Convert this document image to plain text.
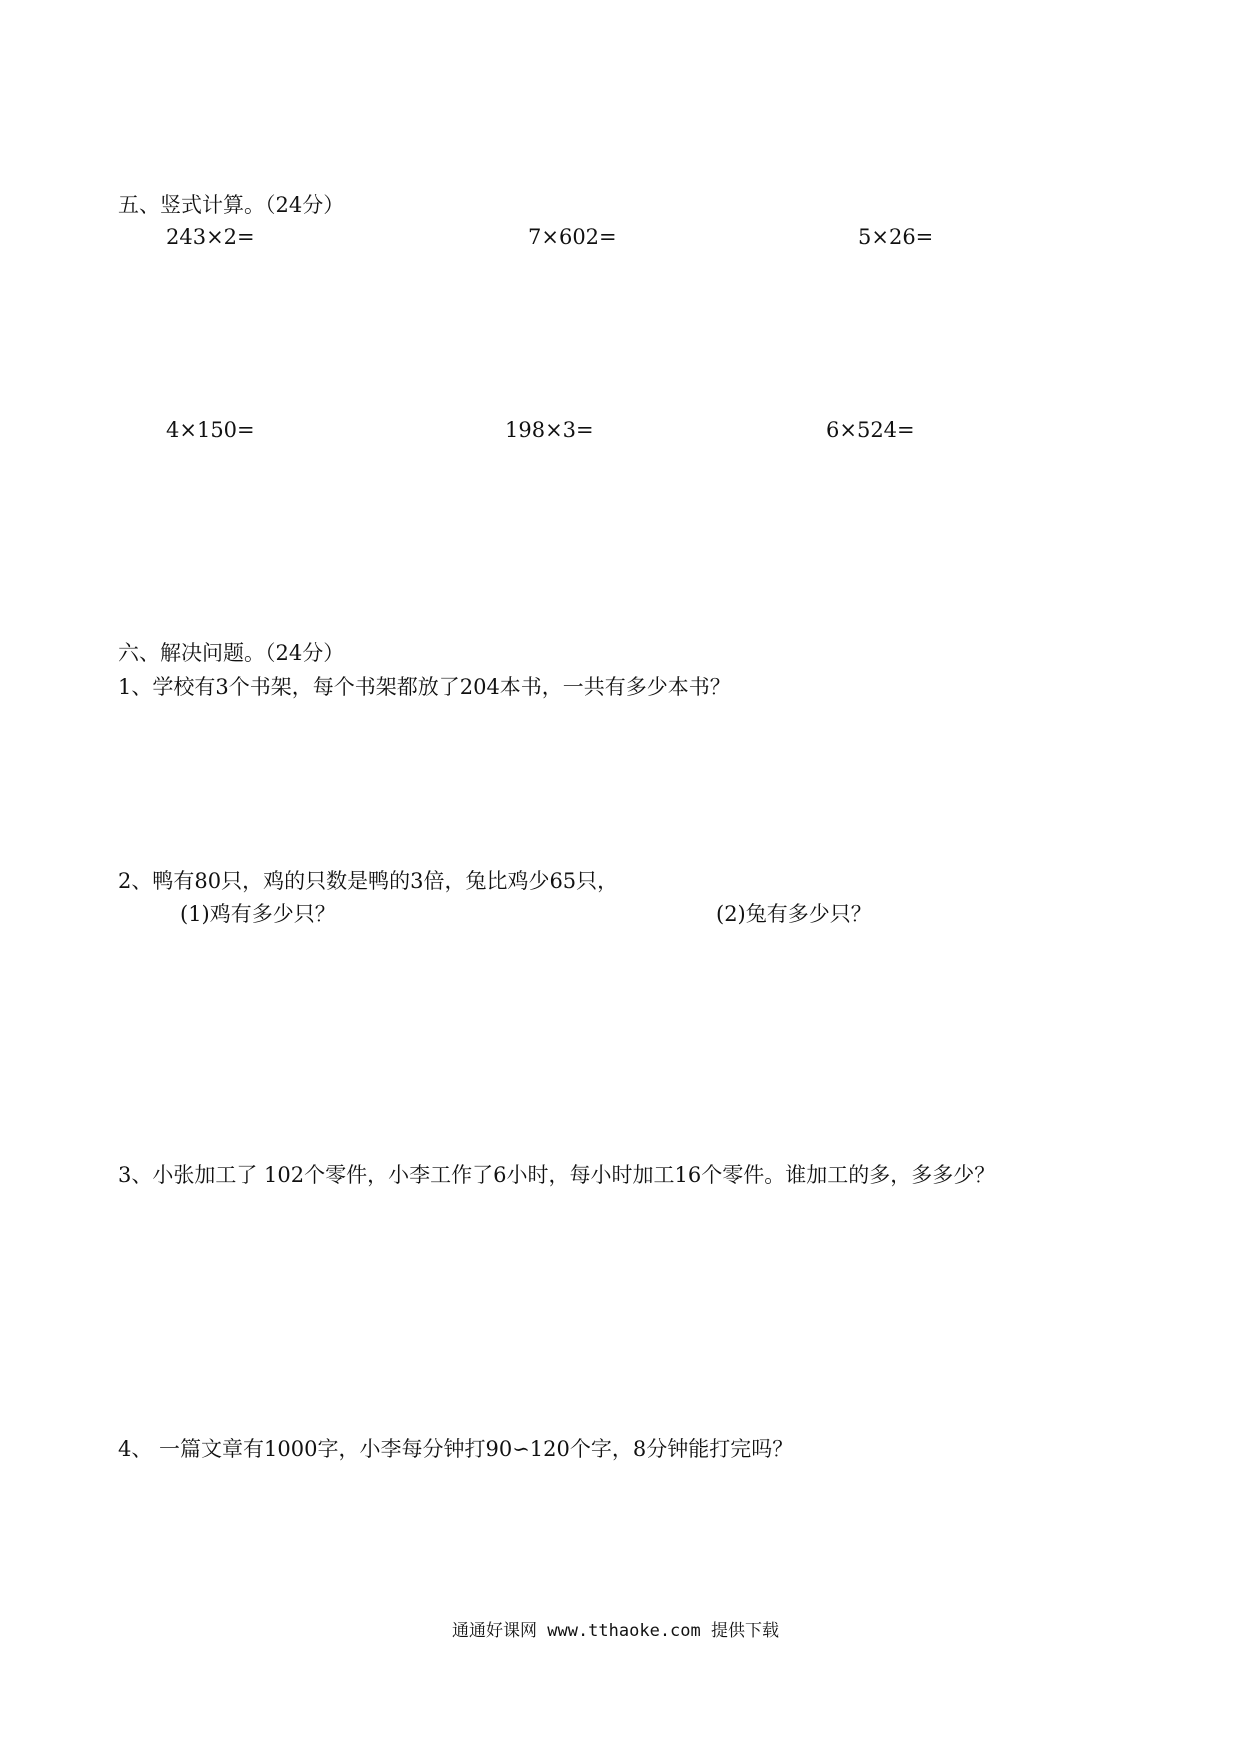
五、竖式计算。（24分）
243×2=	7×602=	5×26=
4×150=	198×3=	6×524=
六、解决问题。（24分）
1、学校有3个书架，每个书架都放了204本书，一共有多少本书？
2、鸭有80只，鸡的只数是鸭的3倍，兔比鸡少65只，
(1)鸡有多少只？	(2)兔有多少只？
3、小张加工了 102个零件，小李工作了6小时，每小时加工16个零件。谁加工的多，多多少？
4、 一篇文章有1000字，小李每分钟打90∽120个字，8分钟能打完吗？
通通好课网 www.tthaoke.com 提供下载
